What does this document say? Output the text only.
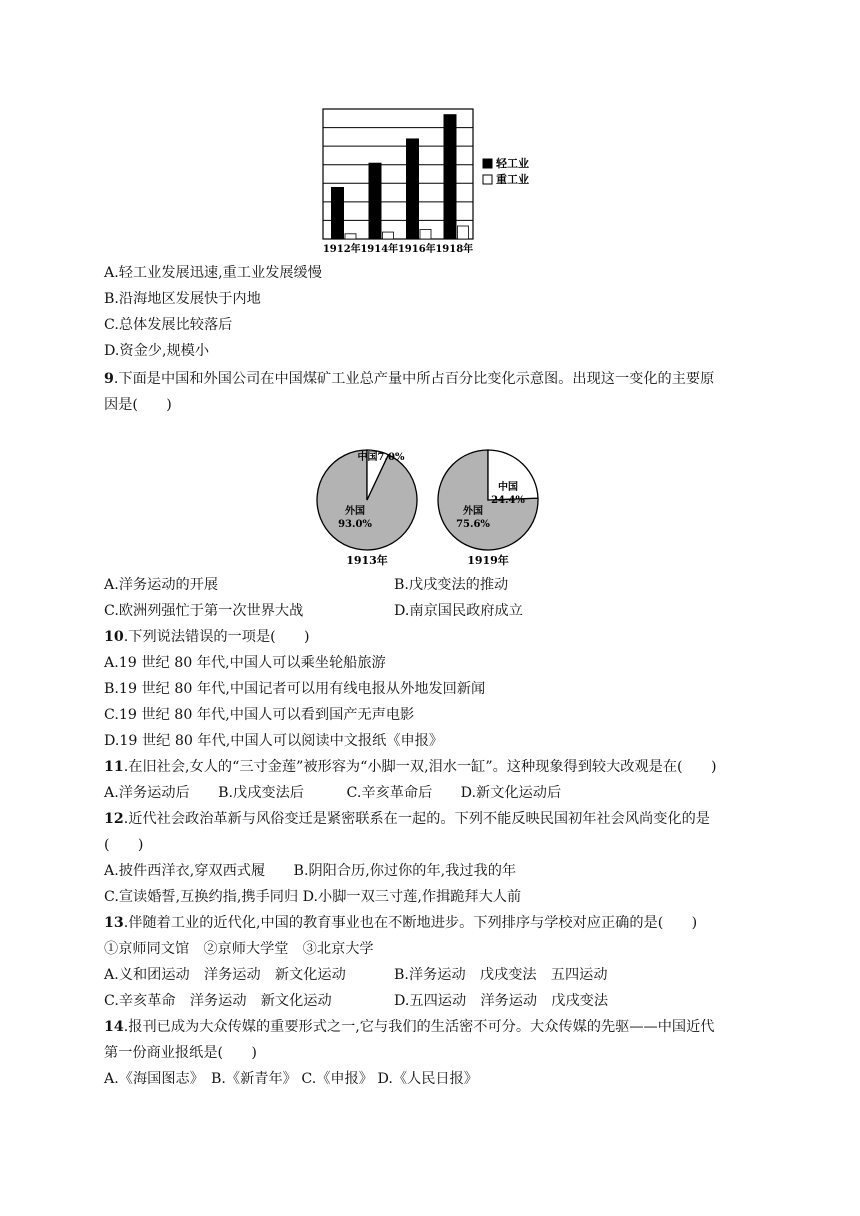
1912年 1914年 1916年 1918年
轻工业
重工业
A.轻工业发展迅速,重工业发展缓慢
B.沿海地区发展快于内地
C.总体发展比较落后
D.资金少,规模小
9.下面是中国和外国公司在中国煤矿工业总产量中所占百分比变化示意图。出现这一变化的主要原
因是(　　)
中国7.0%
外国
93.0%
1913年
中国
24.4%
外国
75.6%
1919年
A.洋务运动的开展	B.戊戌变法的推动
C.欧洲列强忙于第一次世界大战	D.南京国民政府成立
10.下列说法错误的一项是(　　)
A.19 世纪 80 年代,中国人可以乘坐轮船旅游
B.19 世纪 80 年代,中国记者可以用有线电报从外地发回新闻
C.19 世纪 80 年代,中国人可以看到国产无声电影
D.19 世纪 80 年代,中国人可以阅读中文报纸《申报》
11.在旧社会,女人的“三寸金莲”被形容为“小脚一双,泪水一缸”。这种现象得到较大改观是在(　　)
A.洋务运动后　　B.戊戌变法后　　　C.辛亥革命后　　D.新文化运动后
12.近代社会政治革新与风俗变迁是紧密联系在一起的。下列不能反映民国初年社会风尚变化的是
(　　)
A.披件西洋衣,穿双西式履　　B.阴阳合历,你过你的年,我过我的年
C.宣读婚誓,互换约指,携手同归 D.小脚一双三寸莲,作揖跪拜大人前
13.伴随着工业的近代化,中国的教育事业也在不断地进步。下列排序与学校对应正确的是(　　)
①京师同文馆　②京师大学堂　③北京大学
A.义和团运动　洋务运动　新文化运动	B.洋务运动　戊戌变法　五四运动
C.辛亥革命　洋务运动　新文化运动	D.五四运动　洋务运动　戊戌变法
14.报刊已成为大众传媒的重要形式之一,它与我们的生活密不可分。大众传媒的先驱——中国近代
第一份商业报纸是(　　)
A.《海国图志》　B.《新青年》 C.《申报》 D.《人民日报》
